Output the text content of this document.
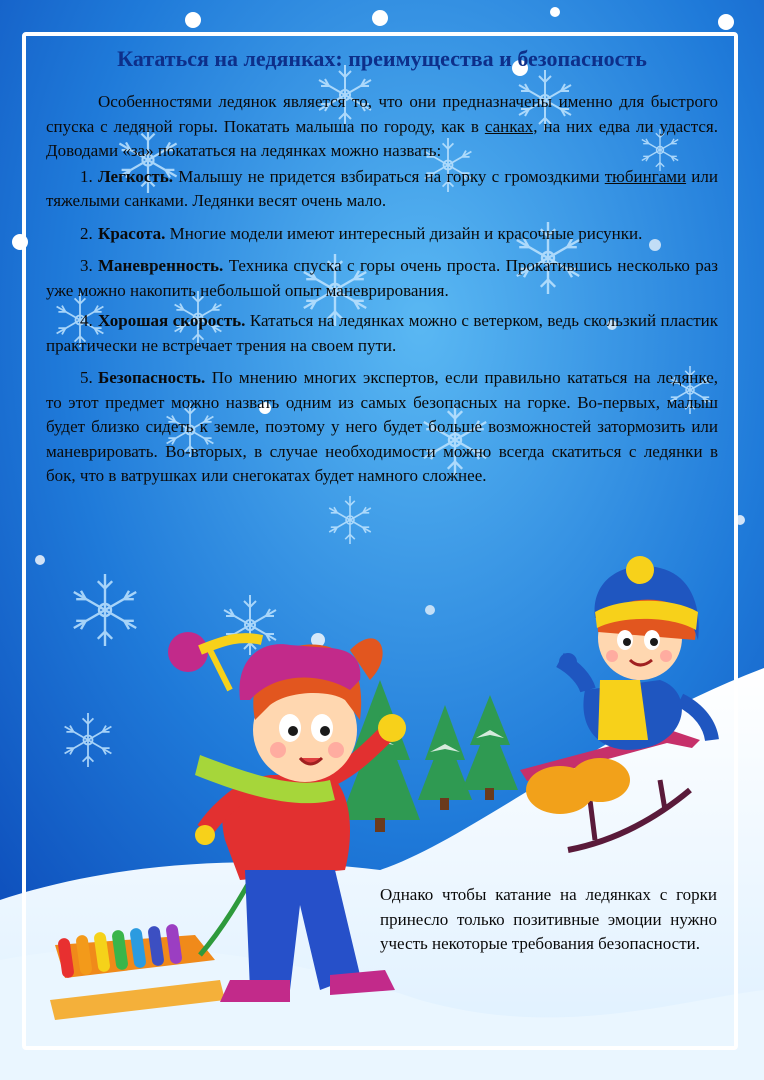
Кататься на ледянках: преимущества и безопасность

Особенностями ледянок является то, что они предназначены именно для быстрого спуска с ледяной горы. Покатать малыша по городу, как в санках, на них едва ли удастся. Доводами «за» покататься на ледянках можно назвать:

1. Легкость. Малышу не придется взбираться на горку с громоздкими тюбингами или тяжелыми санками. Ледянки весят очень мало.

2. Красота. Многие модели имеют интересный дизайн и красочные рисунки.

3. Маневренность. Техника спуска с горы очень проста. Прокатившись несколько раз уже можно накопить небольшой опыт маневрирования.

4. Хорошая скорость. Кататься на ледянках можно с ветерком, ведь скользкий пластик практически не встречает трения на своем пути.

5. Безопасность. По мнению многих экспертов, если правильно кататься на ледянке, то этот предмет можно назвать одним из самых безопасных на горке. Во-первых, малыш будет близко сидеть к земле, поэтому у него будет больше возможностей затормозить или маневрировать. Во-вторых, в случае необходимости можно всегда скатиться с ледянки в бок, что в ватрушках или снегокатах будет намного сложнее.

Однако чтобы катание на ледянках с горки принесло только позитивные эмоции нужно учесть некоторые требования безопасности.
